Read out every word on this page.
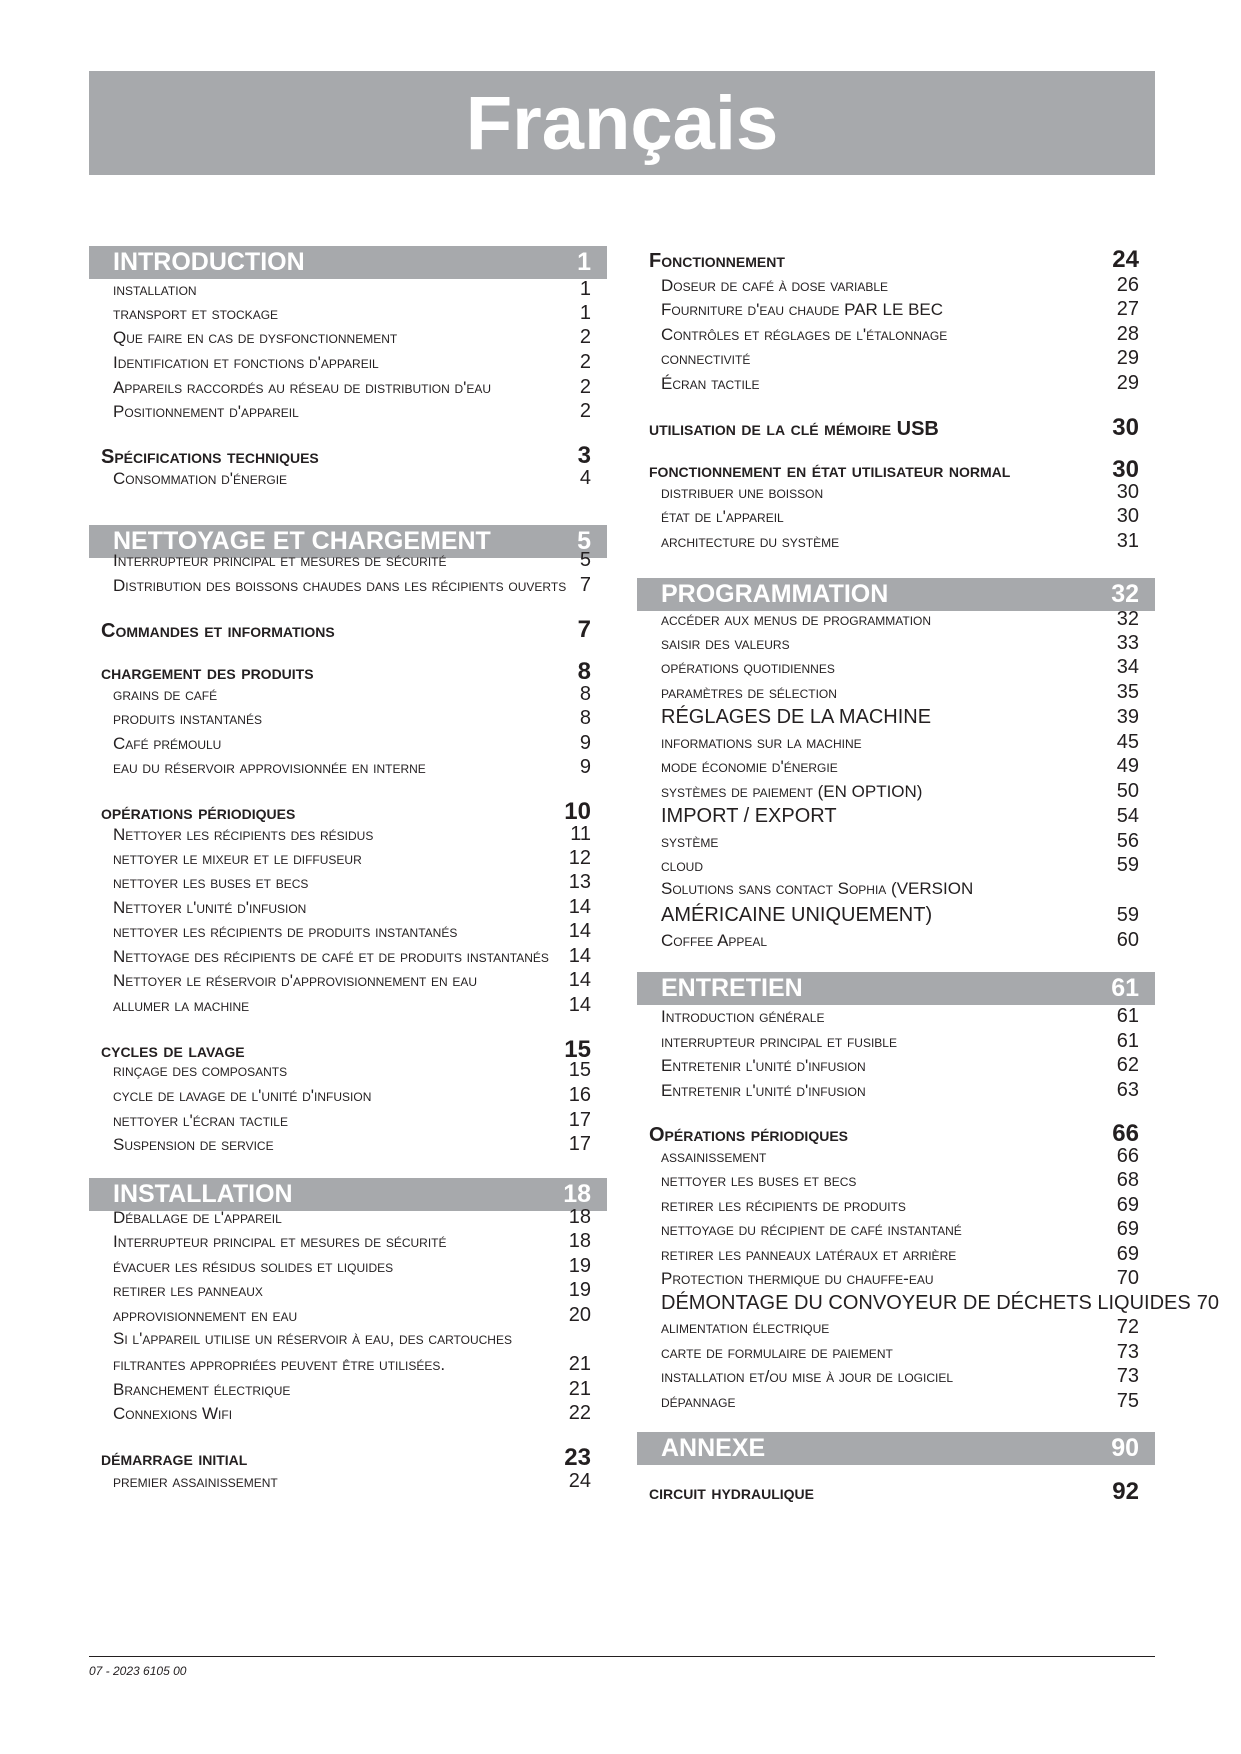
Français
INTRODUCTION	1
installation	1
transport et stockage	1
Que faire en cas de dysfonctionnement	2
Identification et fonctions d'appareil	2
Appareils raccordés au réseau de distribution d'eau	2
Positionnement d'appareil	2
Spécifications techniques	3
Consommation d'énergie	4
NETTOYAGE ET CHARGEMENT	5
Interrupteur principal et mesures de sécurité	5
Distribution des boissons chaudes dans les récipients ouverts 7
Commandes et informations	7
chargement des produits	8
grains de café	8
produits instantanés	8
Café prémoulu	9
eau du réservoir approvisionnée en interne	9
opérations périodiques	10
Nettoyer les récipients des résidus	11
nettoyer le mixeur et le diffuseur	12
nettoyer les buses et becs	13
Nettoyer l'unité d'infusion	14
nettoyer les récipients de produits instantanés	14
Nettoyage des récipients de café et de produits instantanés 14
Nettoyer le réservoir d'approvisionnement en eau	14
allumer la machine	14
cycles de lavage	15
rinçage des composants	15
cycle de lavage de l'unité d'infusion	16
nettoyer l'écran tactile	17
Suspension de service	17
INSTALLATION	18
Déballage de l'appareil	18
Interrupteur principal et mesures de sécurité	18
évacuer les résidus solides et liquides	19
retirer les panneaux	19
approvisionnement en eau	20
Si l'appareil utilise un réservoir à eau, des cartouches
filtrantes appropriées peuvent être utilisées.	21
Branchement électrique	21
Connexions Wifi	22
démarrage initial	23
premier assainissement	24
Fonctionnement	24
Doseur de café à dose variable	26
Fourniture d'eau chaude PAR LE BEC	27
Contrôles et réglages de l'étalonnage	28
connectivité	29
Écran tactile	29
utilisation de la clé mémoire USB	30
fonctionnement en état utilisateur normal	30
distribuer une boisson	30
état de l'appareil	30
architecture du système	31
PROGRAMMATION	32
accéder aux menus de programmation	32
saisir des valeurs	33
opérations quotidiennes	34
paramètres de sélection	35
RÉGLAGES DE LA MACHINE	39
informations sur la machine	45
mode économie d'énergie	49
systèmes de paiement (EN OPTION)	50
IMPORT / EXPORT	54
système	56
cloud	59
Solutions sans contact Sophia (VERSION
AMÉRICAINE UNIQUEMENT)	59
Coffee Appeal	60
ENTRETIEN	61
Introduction générale	61
interrupteur principal et fusible	61
Entretenir l'unité d'infusion	62
Entretenir l'unité d'infusion	63
Opérations périodiques	66
assainissement	66
nettoyer les buses et becs	68
retirer les récipients de produits	69
nettoyage du récipient de café instantané	69
retirer les panneaux latéraux et arrière	69
Protection thermique du chauffe-eau	70
DÉMONTAGE DU CONVOYEUR DE DÉCHETS LIQUIDES 70
alimentation électrique	72
carte de formulaire de paiement	73
installation et/ou mise à jour de logiciel	73
dépannage	75
ANNEXE	90
circuit hydraulique	92
07 - 2023 6105 00
